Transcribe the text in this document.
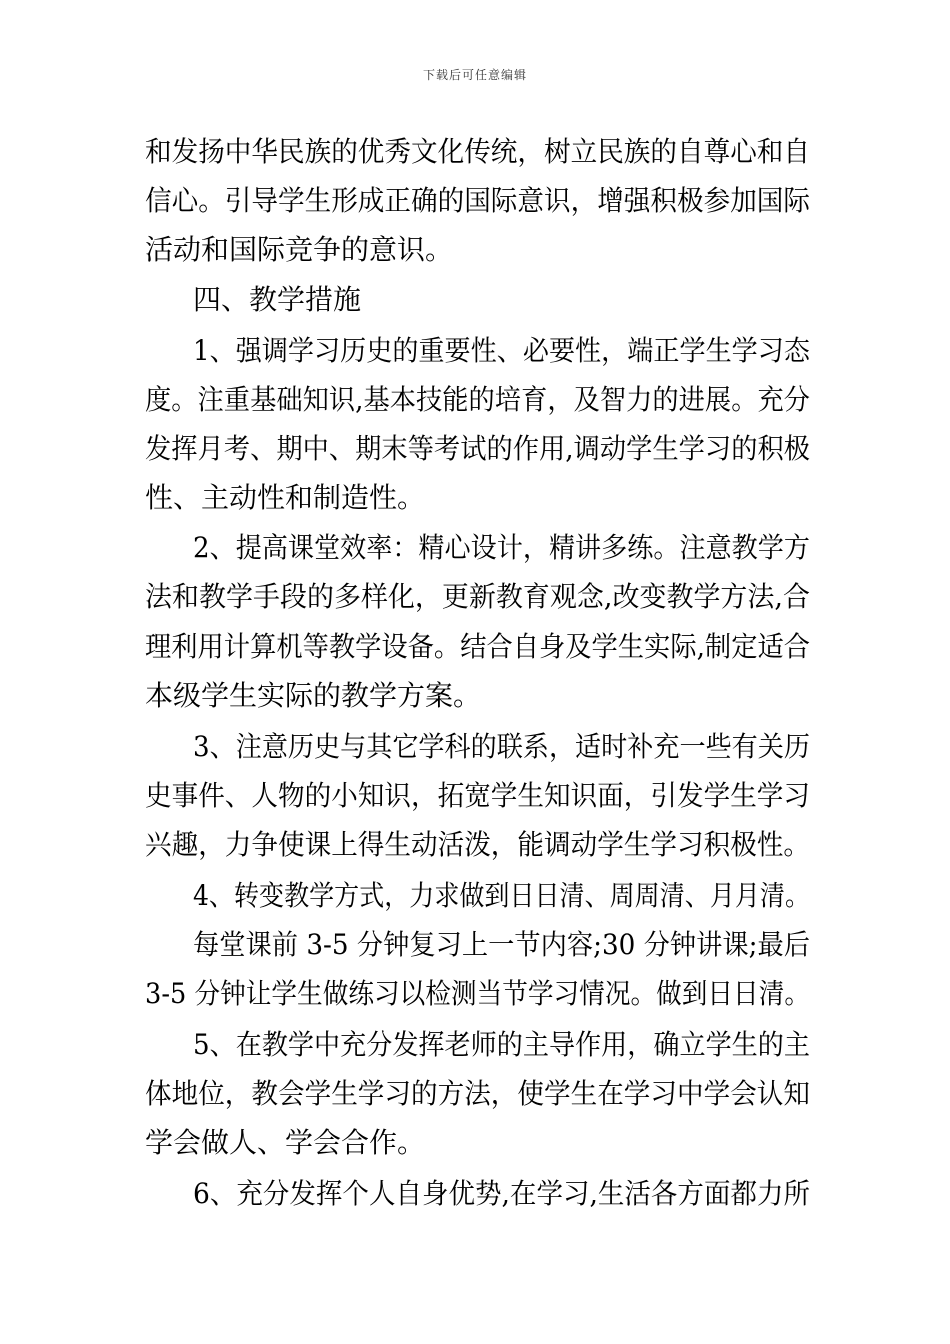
下载后可任意编辑
和发扬中华民族的优秀文化传统，树立民族的自尊心和自
信心。引导学生形成正确的国际意识，增强积极参加国际
活动和国际竞争的意识。
四、教学措施
1、强调学习历史的重要性、必要性，端正学生学习态
度。注重基础知识,基本技能的培育，及智力的进展。充分
发挥月考、期中、期末等考试的作用,调动学生学习的积极
性、主动性和制造性。
2、提高课堂效率：精心设计，精讲多练。注意教学方
法和教学手段的多样化，更新教育观念,改变教学方法,合
理利用计算机等教学设备。结合自身及学生实际,制定适合
本级学生实际的教学方案。
3、注意历史与其它学科的联系，适时补充一些有关历
史事件、人物的小知识，拓宽学生知识面，引发学生学习
兴趣，力争使课上得生动活泼，能调动学生学习积极性。
4、转变教学方式，力求做到日日清、周周清、月月清。
每堂课前 3-5 分钟复习上一节内容;30 分钟讲课;最后
3-5 分钟让学生做练习以检测当节学习情况。做到日日清。
5、在教学中充分发挥老师的主导作用，确立学生的主
体地位，教会学生学习的方法，使学生在学习中学会认知
学会做人、学会合作。
6、充分发挥个人自身优势,在学习,生活各方面都力所
